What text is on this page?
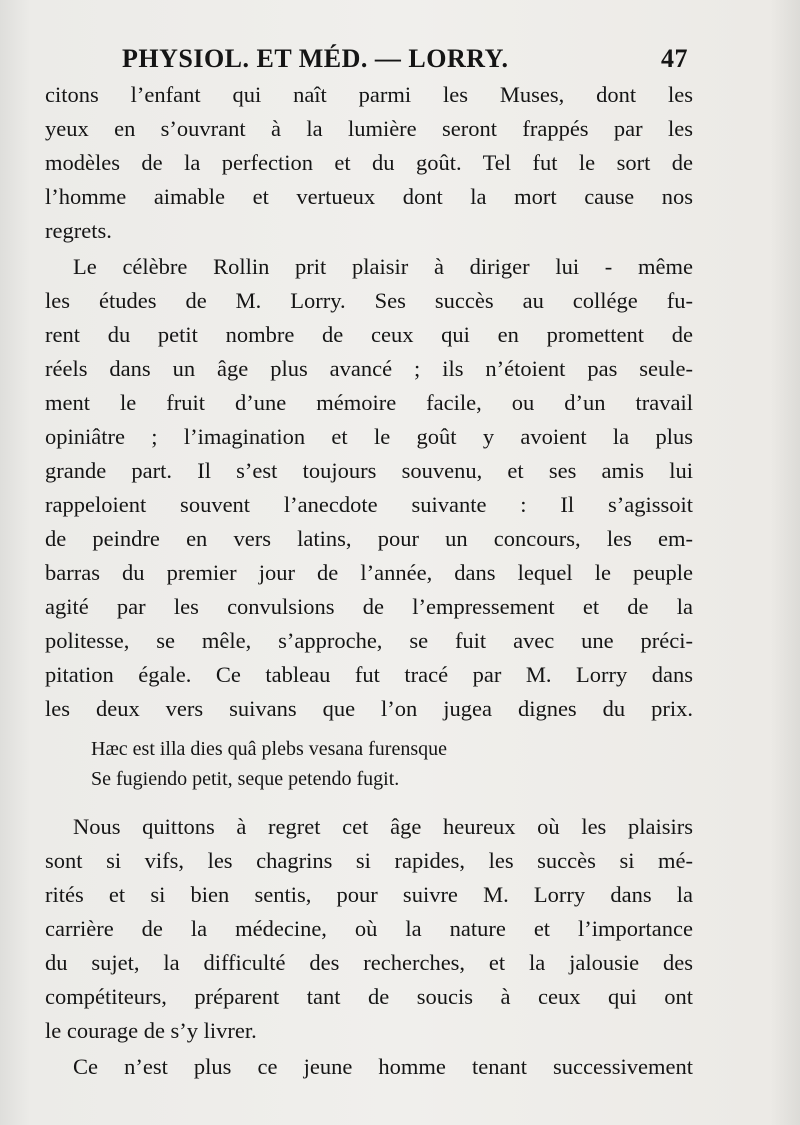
PHYSIOL. ET MÉD. — LORRY.	47
citons l’enfant qui naît parmi les Muses, dont les
yeux en s’ouvrant à la lumière seront frappés par les
modèles de la perfection et du goût. Tel fut le sort de
l’homme aimable et vertueux dont la mort cause nos
regrets.
Le célèbre Rollin prit plaisir à diriger lui - même
les études de M. Lorry. Ses succès au collége fu-
rent du petit nombre de ceux qui en promettent de
réels dans un âge plus avancé ; ils n’étoient pas seule-
ment le fruit d’une mémoire facile, ou d’un travail
opiniâtre ; l’imagination et le goût y avoient la plus
grande part. Il s’est toujours souvenu, et ses amis lui
rappeloient souvent l’anecdote suivante : Il s’agissoit
de peindre en vers latins, pour un concours, les em-
barras du premier jour de l’année, dans lequel le peuple
agité par les convulsions de l’empressement et de la
politesse, se mêle, s’approche, se fuit avec une préci-
pitation égale. Ce tableau fut tracé par M. Lorry dans
les deux vers suivans que l’on jugea dignes du prix.
Hæc est illa dies quâ plebs vesana furensque
Se fugiendo petit, seque petendo fugit.
Nous quittons à regret cet âge heureux où les plaisirs
sont si vifs, les chagrins si rapides, les succès si mé-
rités et si bien sentis, pour suivre M. Lorry dans la
carrière de la médecine, où la nature et l’importance
du sujet, la difficulté des recherches, et la jalousie des
compétiteurs, préparent tant de soucis à ceux qui ont
le courage de s’y livrer.
Ce n’est plus ce jeune homme tenant successivement
